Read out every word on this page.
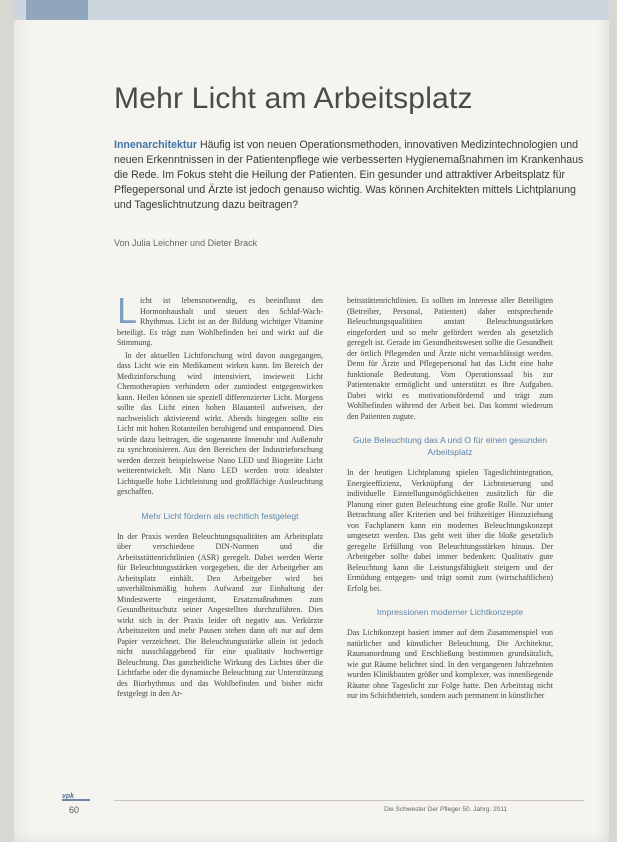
Mehr Licht am Arbeitsplatz

Innenarchitektur Häufig ist von neuen Operationsmethoden, innovativen Medizintechnologien und neuen Erkenntnissen in der Patientenpflege wie verbesserten Hygienemaßnahmen im Krankenhaus die Rede. Im Fokus steht die Heilung der Patienten. Ein gesunder und attraktiver Arbeitsplatz für Pflegepersonal und Ärzte ist jedoch genauso wichtig. Was können Architekten mittels Lichtplanung und Tageslichtnutzung dazu beitragen?

Von Julia Leichner und Dieter Brack

Licht ist lebensnotwendig, es beeinflusst den Hormonhaushalt und steuert den Schlaf-Wach-Rhythmus. Licht ist an der Bildung wichtiger Vitamine beteiligt. Es trägt zum Wohlbefinden bei und wirkt auf die Stimmung.

In der aktuellen Lichtforschung wird davon ausgegangen, dass Licht wie ein Medikament wirken kann. Im Bereich der Medizinforschung wird intensiviert, inwieweit Licht Chemotherapien verhindern oder zumindest entgegenwirken kann. Heilen können sie speziell differenzierter Licht. Morgens sollte das Licht einen hohen Blauanteil aufweisen, der nachweislich aktivierend wirkt. Abends hingegen sollte ein Licht mit hohen Rotanteilen beruhigend und entspannend. Dies würde dazu beitragen, die sogenannte Innenuhr und Außenuhr zu synchronisieren. Aus den Bereichen der Industrieforschung werden derzeit beispielsweise Nano LED und Biogeräte Licht weiterentwickelt. Mit Nano LED werden trotz idealster Lichtquelle hohe Lichtleistung und großflächige Ausleuchtung geschaffen.

Mehr Licht fördern als rechtlich festgelegt

In der Praxis werden Beleuchtungsqualitäten am Arbeitsplatz über verschiedene DIN-Normen und die Arbeitsstättenrichtlinien (ASR) geregelt. Dabei werden Werte für Beleuchtungsstärken vorgegeben, die der Arbeitgeber am Arbeitsplatz einhält. Den Arbeitgeber wird bei unverhältnismäßig hohem Aufwand zur Einhaltung der Mindestwerte eingeräumt, Ersatzmaßnahmen zum Gesundheitsschutz seiner Angestellten durchzuführen. Dies wirkt sich in der Praxis leider oft negativ aus. Verkürzte Arbeitszeiten und mehr Pausen stehen dann oft nur auf dem Papier verzeichnet. Die Beleuchtungsstärke allein ist jedoch nicht ausschlaggebend für eine qualitativ hochwertige Beleuchtung. Das ganzheitliche Wirkung des Lichtes über die Lichtfarbe oder die dynamische Beleuchtung zur Unterstützung des Biorhythmus und das Wohlbefinden und bisher nicht festgelegt in den Ar-

beitsstättenrichtlinien. Es sollten im Interesse aller Beteiligten (Betreiber, Personal, Patienten) daher entsprechende Beleuchtungsqualitäten anstatt Beleuchtungsstärken eingefordert und so mehr gefördert werden als gesetzlich geregelt ist. Gerade im Gesundheitswesen sollte die Gesundheit der örtlich Pflegenden und Ärzte nicht vernachlässigt werden. Denn für Ärzte und Pflegepersonal hat das Licht eine hohe funktionale Bedeutung. Vom Operationssaal bis zur Patientenakte ermöglicht und unterstützt es ihre Aufgaben. Dabei wirkt es motivationsfördernd und trägt zum Wohlbefinden während der Arbeit bei. Das kommt wiederum den Patienten zugute.

Gute Beleuchtung das A und O für einen gesunden Arbeitsplatz

In der heutigen Lichtplanung spielen Tageslichtintegration, Energieeffizienz, Verknüpfung der Lichtsteuerung und individuelle Einstellungsmöglichkeiten zusätzlich für die Planung einer guten Beleuchtung eine große Rolle. Nur unter Betrachtung aller Kriterien und bei frühzeitiger Hinzuziehung von Fachplanern kann ein modernes Beleuchtungskonzept umgesetzt werden. Das geht weit über die bloße gesetzlich geregelte Erfüllung von Beleuchtungsstärken hinaus. Der Arbeitgeber sollte dabei immer bedenken: Qualitativ gute Beleuchtung kann die Leistungsfähigkeit steigern und der Ermüdung entgegen- und trägt somit zum (wirtschaftlichen) Erfolg bei.

Impressionen moderner Lichtkonzepte

Das Lichtkonzept basiert immer auf dem Zusammenspiel von natürlicher und künstlicher Beleuchtung. Die Architektur, Raumanordnung und Erschließung bestimmen grundsätzlich, wie gut Räume belichtet sind. In den vergangenen Jahrzehnten wurden Klinikbauten größer und komplexer, was innenliegende Räume ohne Tageslicht zur Folge hatte. Den Arbeitstag nicht nur im Schichtbetrieb, sondern auch permanent in künstlicher

vpk

60	Die Schwester Der Pfleger 50. Jahrg. 2011
